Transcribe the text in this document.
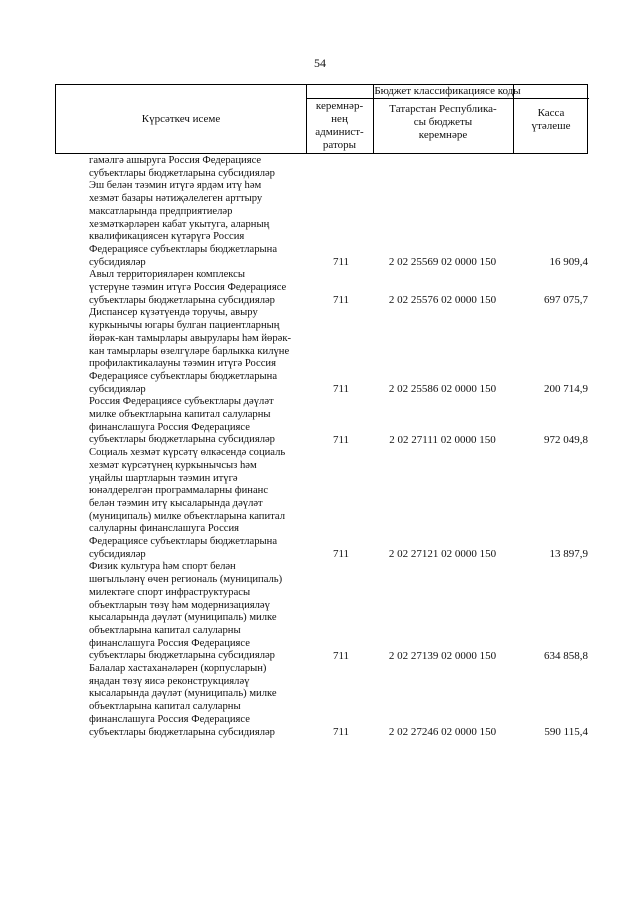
54
Күрсәткеч исеме
Бюджет классификациясе коды
керемнәр-
нең
админист-
раторы
Татарстан Республика-
сы бюджеты
керемнәре
Касса
үтәлеше
гамәлгә ашыруга Россия Федерациясе
субъектлары бюджетларына субсидияләр
Эш белән тәэмин итүгә ярдәм итү һәм
хезмәт базары нәтиҗәлелеген арттыру
максатларында предприятиеләр
хезмәткәрләрен кабат укытуга, аларның
квалификациясен күтәрүгә Россия
Федерациясе субъектлары бюджетларына
субсидияләр	711	2 02 25569 02 0000 150	16 909,4
Авыл территорияләрен комплексы
үстерүне тәэмин итүгә Россия Федерациясе
субъектлары бюджетларына субсидияләр	711	2 02 25576 02 0000 150	697 075,7
Диспансер күзәтүендә торучы, авыру
куркынычы югары булган пациентларның
йөрәк-кан тамырлары авырулары һәм йөрәк-
кан тамырлары өзелгүләре барлыкка килүне
профилактикалауны тәэмин итүгә Россия
Федерациясе субъектлары бюджетларына
субсидияләр	711	2 02 25586 02 0000 150	200 714,9
Россия Федерациясе субъектлары дәүләт
милке объектларына капитал салуларны
финанслашуга Россия Федерациясе
субъектлары бюджетларына субсидияләр	711	2 02 27111 02 0000 150	972 049,8
Социаль хезмәт күрсәтү өлкәсендә социаль
хезмәт күрсәтүнең куркынычсыз һәм
уңайлы шартларын тәэмин итүгә
юнәлдерелгән программаларны финанс
белән тәэмин итү кысаларында дәүләт
(муниципаль) милке объектларына капитал
салуларны финанслашуга Россия
Федерациясе субъектлары бюджетларына
субсидияләр	711	2 02 27121 02 0000 150	13 897,9
Физик культура һәм спорт белән
шөгыльләнү өчен региональ (муниципаль)
милектәге спорт инфраструктурасы
объектларын төзү һәм модернизацияләү
кысаларында дәүләт (муниципаль) милке
объектларына капитал салуларны
финанслашуга Россия Федерациясе
субъектлары бюджетларына субсидияләр	711	2 02 27139 02 0000 150	634 858,8
Балалар хастаханәләрен (корпусларын)
яңадан төзү яисә реконструкцияләү
кысаларында дәүләт (муниципаль) милке
объектларына капитал салуларны
финанслашуга Россия Федерациясе
субъектлары бюджетларына субсидияләр	711	2 02 27246 02 0000 150	590 115,4
